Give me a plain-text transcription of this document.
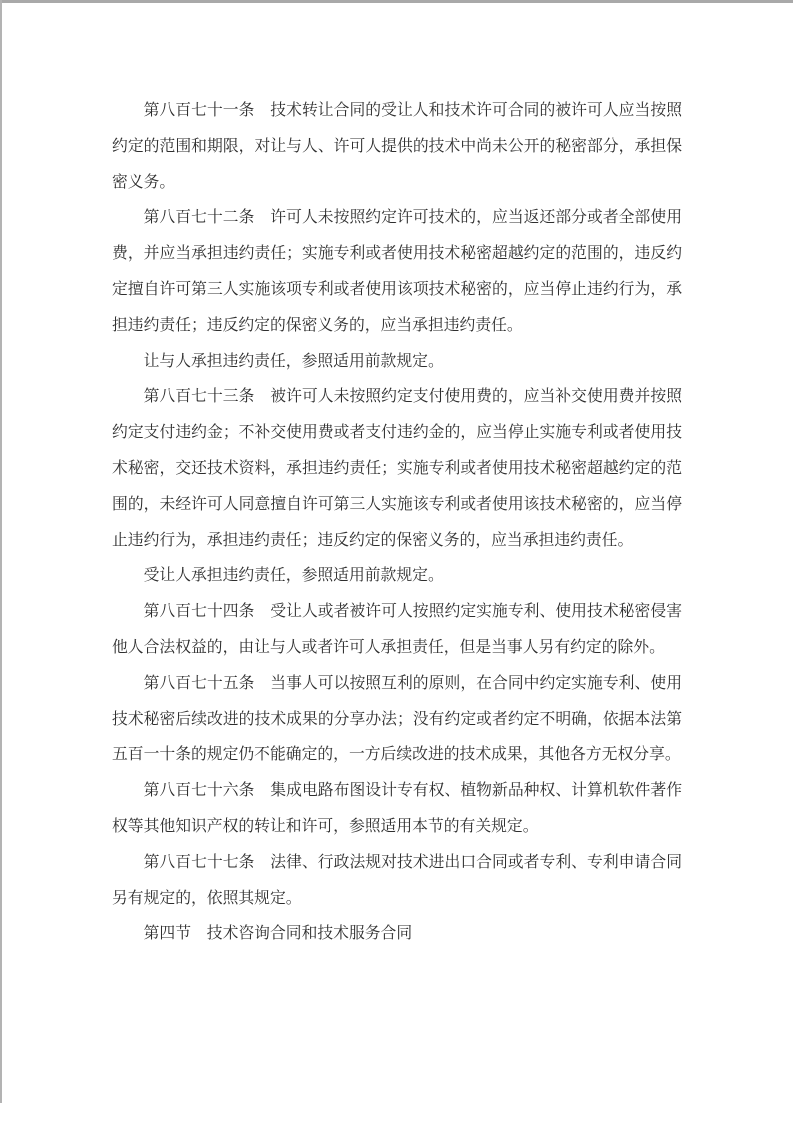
第八百七十一条　技术转让合同的受让人和技术许可合同的被许可人应当按照约定的范围和期限，对让与人、许可人提供的技术中尚未公开的秘密部分，承担保密义务。

第八百七十二条　许可人未按照约定许可技术的，应当返还部分或者全部使用费，并应当承担违约责任；实施专利或者使用技术秘密超越约定的范围的，违反约定擅自许可第三人实施该项专利或者使用该项技术秘密的，应当停止违约行为，承担违约责任；违反约定的保密义务的，应当承担违约责任。

让与人承担违约责任，参照适用前款规定。

第八百七十三条　被许可人未按照约定支付使用费的，应当补交使用费并按照约定支付违约金；不补交使用费或者支付违约金的，应当停止实施专利或者使用技术秘密，交还技术资料，承担违约责任；实施专利或者使用技术秘密超越约定的范围的，未经许可人同意擅自许可第三人实施该专利或者使用该技术秘密的，应当停止违约行为，承担违约责任；违反约定的保密义务的，应当承担违约责任。

受让人承担违约责任，参照适用前款规定。

第八百七十四条　受让人或者被许可人按照约定实施专利、使用技术秘密侵害他人合法权益的，由让与人或者许可人承担责任，但是当事人另有约定的除外。

第八百七十五条　当事人可以按照互利的原则，在合同中约定实施专利、使用技术秘密后续改进的技术成果的分享办法；没有约定或者约定不明确，依据本法第五百一十条的规定仍不能确定的，一方后续改进的技术成果，其他各方无权分享。

第八百七十六条　集成电路布图设计专有权、植物新品种权、计算机软件著作权等其他知识产权的转让和许可，参照适用本节的有关规定。

第八百七十七条　法律、行政法规对技术进出口合同或者专利、专利申请合同另有规定的，依照其规定。

第四节　技术咨询合同和技术服务合同
